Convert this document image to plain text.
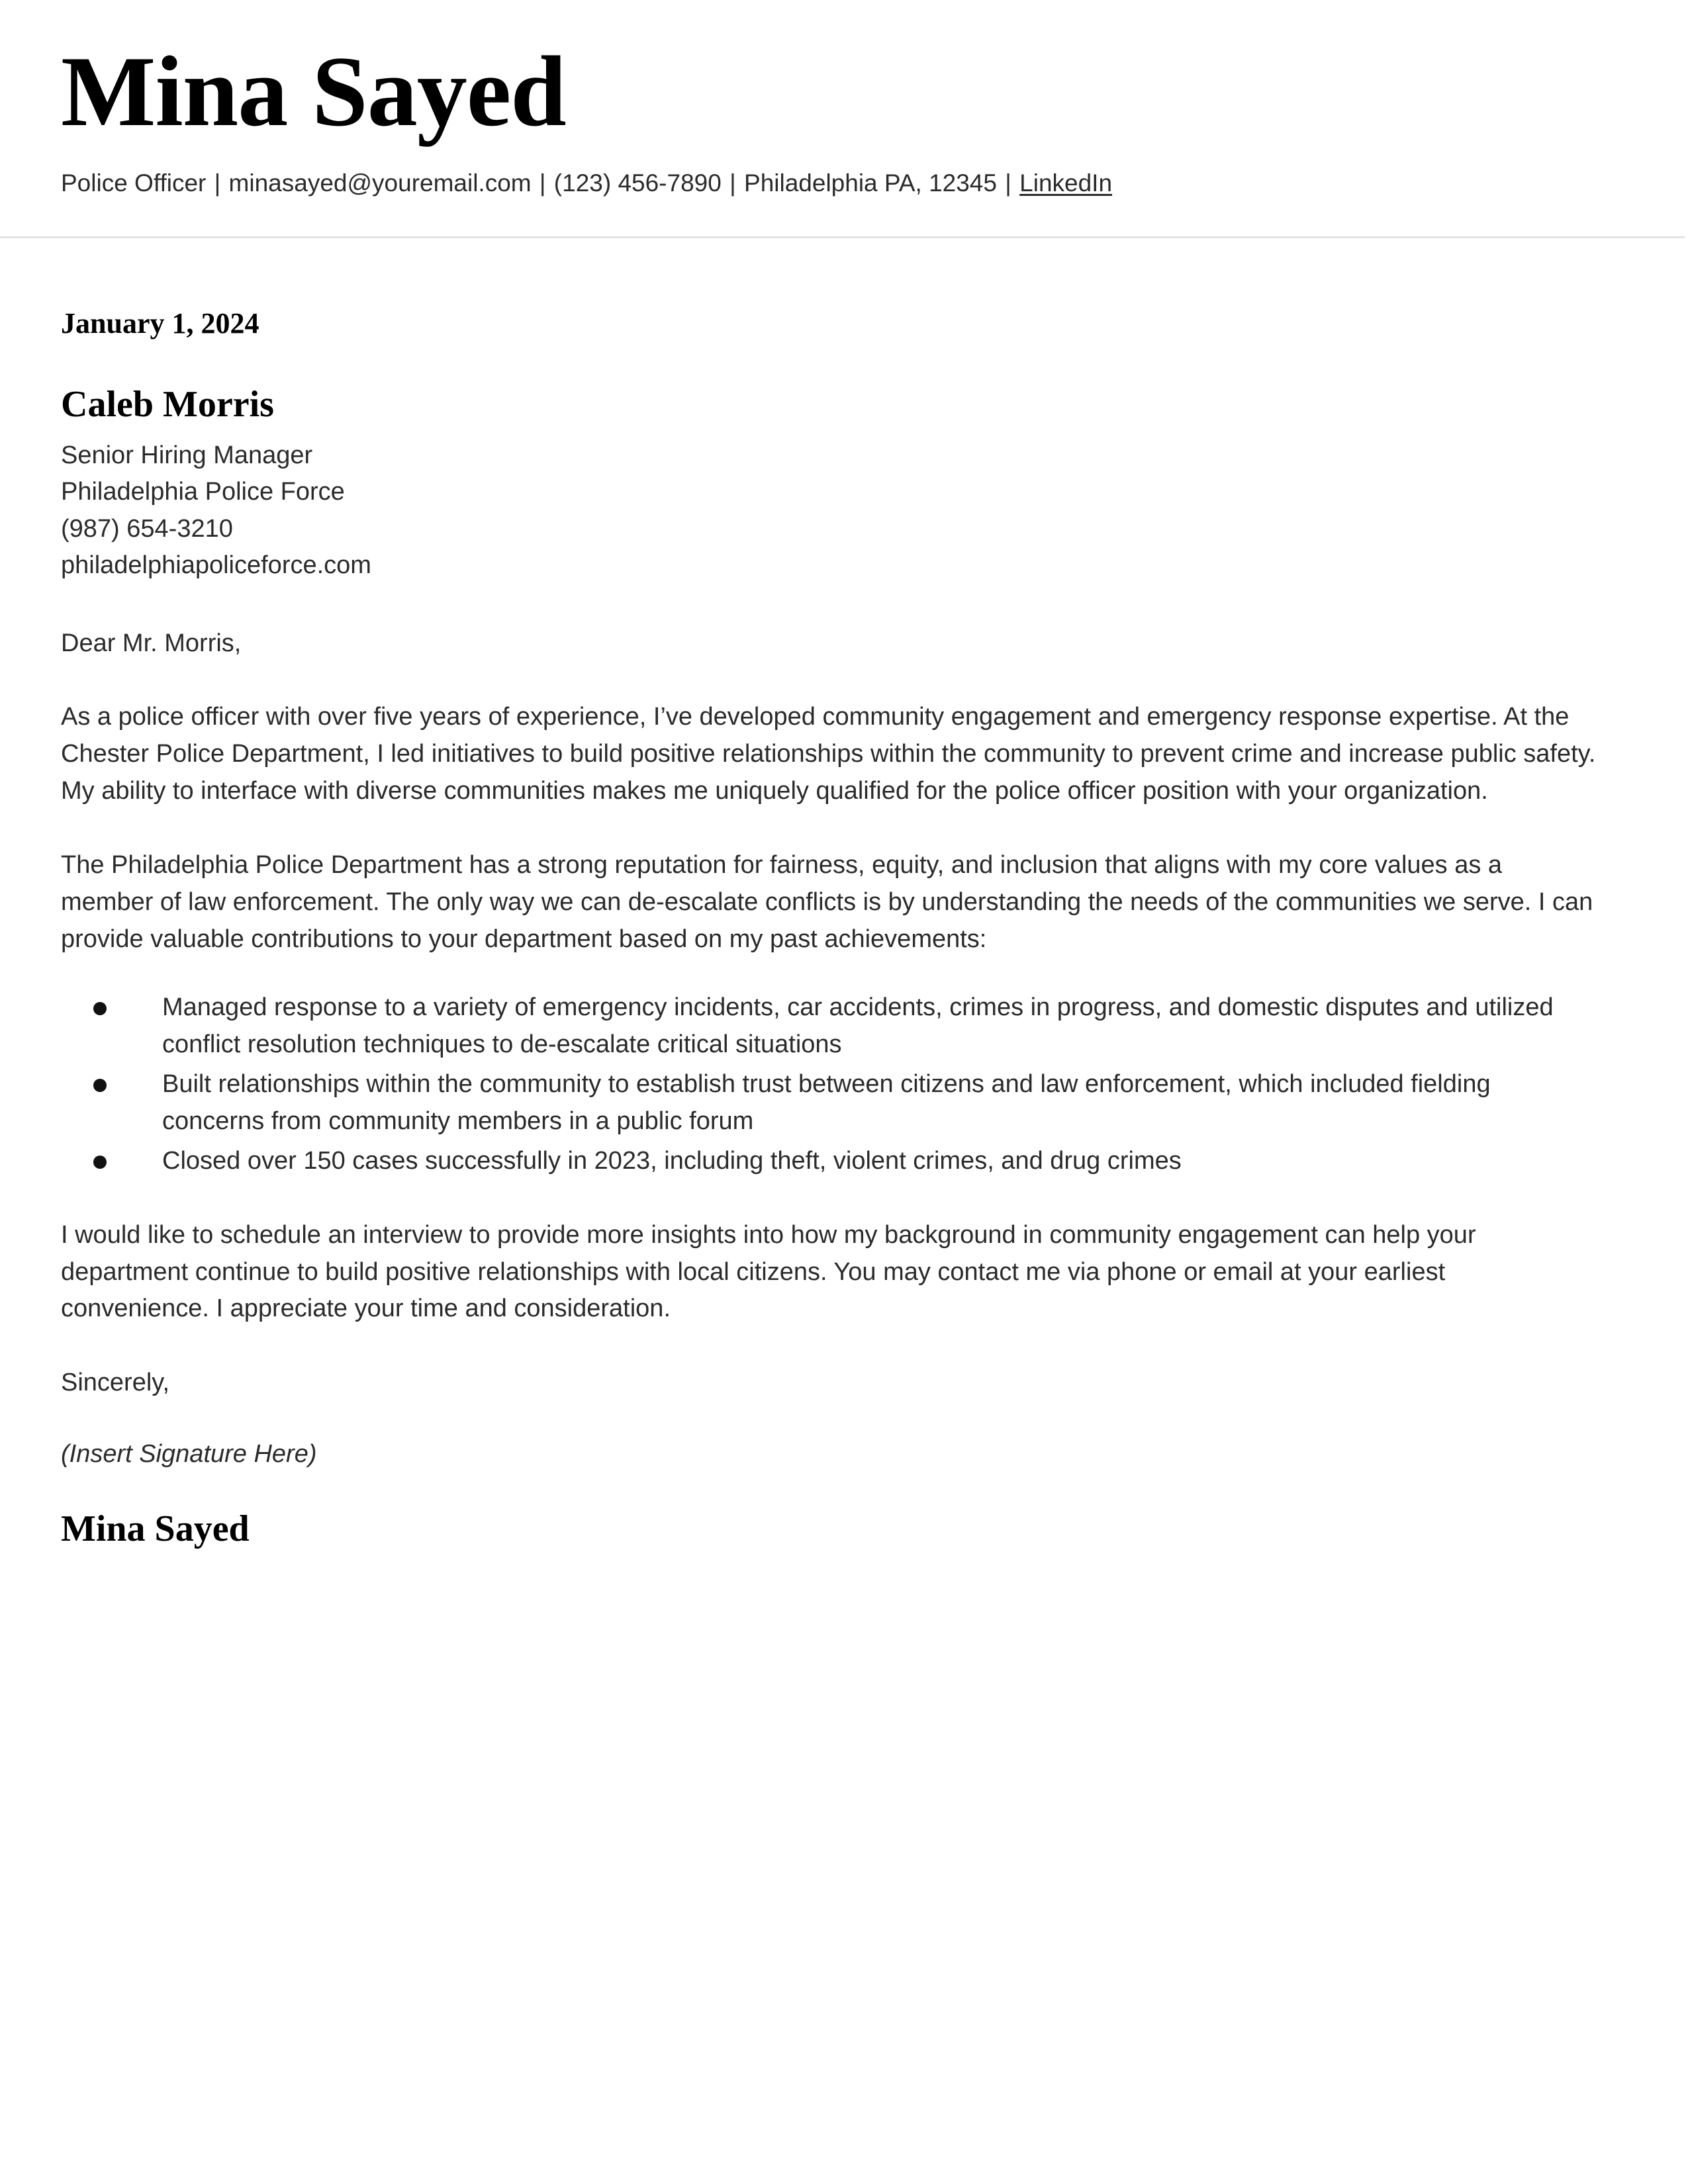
Mina Sayed

Police Officer | minasayed@youremail.com | (123) 456-7890 | Philadelphia PA, 12345 | LinkedIn

January 1, 2024

Caleb Morris

Senior Hiring Manager

Philadelphia Police Force

(987) 654-3210

philadelphiapoliceforce.com

Dear Mr. Morris,

As a police officer with over five years of experience, I’ve developed community engagement and emergency response expertise. At the Chester Police Department, I led initiatives to build positive relationships within the community to prevent crime and increase public safety. My ability to interface with diverse communities makes me uniquely qualified for the police officer position with your organization.

The Philadelphia Police Department has a strong reputation for fairness, equity, and inclusion that aligns with my core values as a member of law enforcement. The only way we can de-escalate conflicts is by understanding the needs of the communities we serve. I can provide valuable contributions to your department based on my past achievements:

Managed response to a variety of emergency incidents, car accidents, crimes in progress, and domestic disputes and utilized conflict resolution techniques to de-escalate critical situations
Built relationships within the community to establish trust between citizens and law enforcement, which included fielding concerns from community members in a public forum
Closed over 150 cases successfully in 2023, including theft, violent crimes, and drug crimes

I would like to schedule an interview to provide more insights into how my background in community engagement can help your department continue to build positive relationships with local citizens. You may contact me via phone or email at your earliest convenience. I appreciate your time and consideration.

Sincerely,

(Insert Signature Here)

Mina Sayed
